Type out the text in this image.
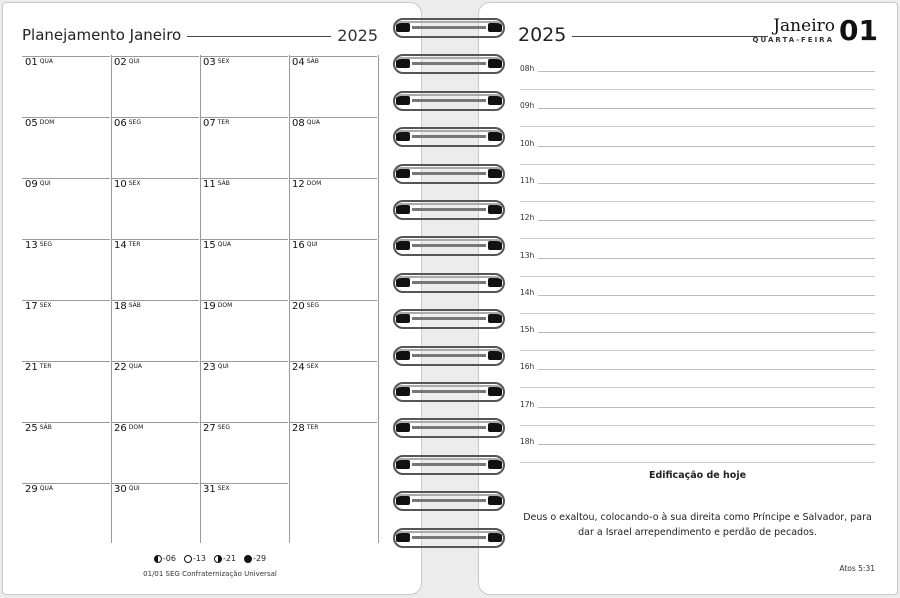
Planejamento Janeiro	2025
01 $^{QUA}$	02 $^{QUI}$	03 $^{SEX}$	04 $^{SÁB}$
05 $^{DOM}$	06 $^{SEG}$	07 $^{TER}$	08 $^{QUA}$
09 $^{QUI}$	10 $^{SEX}$	11 $^{SÁB}$	12 $^{DOM}$
13 $^{SEG}$	14 $^{TER}$	15 $^{QUA}$	16 $^{QUI}$
17 $^{SEX}$	18 $^{SÁB}$	19 $^{DOM}$	20 $^{SEG}$
21 $^{TER}$	22 $^{QUA}$	23 $^{QUI}$	24 $^{SEX}$
25 $^{SÁB}$	26 $^{DOM}$	27 $^{SEG}$	28 $^{TER}$
29 $^{QUA}$	30 $^{QUI}$	31 $^{SEX}$
-06 -13 -21 -29
01/01 SEG Confraternização Universal
2025	Janeiro
QUARTA-FEIRA 01
08h
09h
10h
11h
12h
13h
14h
15h
16h
17h
18h
Edificação de hoje
Deus o exaltou, colocando-o à sua direita como Príncipe e Salvador, para dar a Israel arrependimento e perdão de pecados.
Atos 5:31
